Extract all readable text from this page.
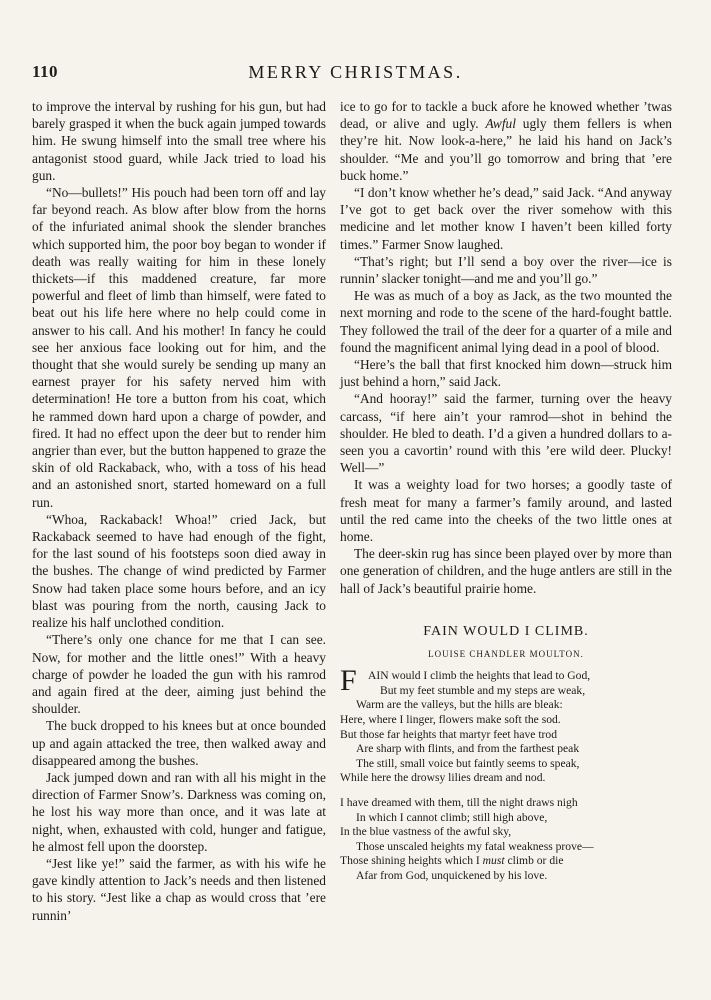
110	MERRY CHRISTMAS.

to improve the interval by rushing for his gun, but had barely grasped it when the buck again jumped towards him. He swung himself into the small tree where his antagonist stood guard, while Jack tried to load his gun.

“No—bullets!” His pouch had been torn off and lay far beyond reach. As blow after blow from the horns of the infuriated animal shook the slender branches which supported him, the poor boy began to wonder if death was really waiting for him in these lonely thickets—if this maddened creature, far more powerful and fleet of limb than himself, were fated to beat out his life here where no help could come in answer to his call. And his mother! In fancy he could see her anxious face looking out for him, and the thought that she would surely be sending up many an earnest prayer for his safety nerved him with determination! He tore a button from his coat, which he rammed down hard upon a charge of powder, and fired. It had no effect upon the deer but to render him angrier than ever, but the button happened to graze the skin of old Rackaback, who, with a toss of his head and an astonished snort, started homeward on a full run.

“Whoa, Rackaback! Whoa!” cried Jack, but Rackaback seemed to have had enough of the fight, for the last sound of his footsteps soon died away in the bushes. The change of wind predicted by Farmer Snow had taken place some hours before, and an icy blast was pouring from the north, causing Jack to realize his half unclothed condition.

“There’s only one chance for me that I can see. Now, for mother and the little ones!” With a heavy charge of powder he loaded the gun with his ramrod and again fired at the deer, aiming just behind the shoulder.

The buck dropped to his knees but at once bounded up and again attacked the tree, then walked away and disappeared among the bushes.

Jack jumped down and ran with all his might in the direction of Farmer Snow’s. Darkness was coming on, he lost his way more than once, and it was late at night, when, exhausted with cold, hunger and fatigue, he almost fell upon the doorstep.

“Jest like ye!” said the farmer, as with his wife he gave kindly attention to Jack’s needs and then listened to his story. “Jest like a chap as would cross that ’ere runnin’

ice to go for to tackle a buck afore he knowed whether ’twas dead, or alive and ugly. Awful ugly them fellers is when they’re hit. Now look-a-here,” he laid his hand on Jack’s shoulder. “Me and you’ll go tomorrow and bring that ’ere buck home.”

“I don’t know whether he’s dead,” said Jack. “And anyway I’ve got to get back over the river somehow with this medicine and let mother know I haven’t been killed forty times.” Farmer Snow laughed.

“That’s right; but I’ll send a boy over the river—ice is runnin’ slacker tonight—and me and you’ll go.”

He was as much of a boy as Jack, as the two mounted the next morning and rode to the scene of the hard-fought battle. They followed the trail of the deer for a quarter of a mile and found the magnificent animal lying dead in a pool of blood.

“Here’s the ball that first knocked him down—struck him just behind a horn,” said Jack.

“And hooray!” said the farmer, turning over the heavy carcass, “if here ain’t your ramrod—shot in behind the shoulder. He bled to death. I’d a given a hundred dollars to a-seen you a cavortin’ round with this ’ere wild deer. Plucky! Well—”

It was a weighty load for two horses; a goodly taste of fresh meat for many a farmer’s family around, and lasted until the red came into the cheeks of the two little ones at home.

The deer-skin rug has since been played over by more than one generation of children, and the huge antlers are still in the hall of Jack’s beautiful prairie home.

FAIN WOULD I CLIMB.
LOUISE CHANDLER MOULTON.
F AIN would I climb the heights that lead to God,
But my feet stumble and my steps are weak,
Warm are the valleys, but the hills are bleak:
Here, where I linger, flowers make soft the sod.
But those far heights that martyr feet have trod
Are sharp with flints, and from the farthest peak
The still, small voice but faintly seems to speak,
While here the drowsy lilies dream and nod.
I have dreamed with them, till the night draws nigh
In which I cannot climb; still high above,
In the blue vastness of the awful sky,
Those unscaled heights my fatal weakness prove—
Those shining heights which I must climb or die
Afar from God, unquickened by his love.
